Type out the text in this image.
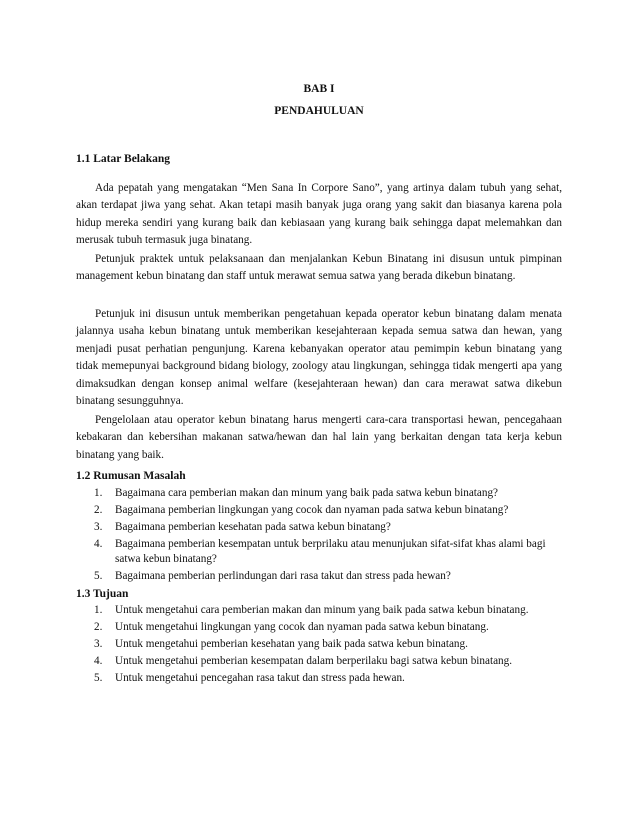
BAB I
PENDAHULUAN
1.1 Latar Belakang

Ada pepatah yang mengatakan “Men Sana In Corpore Sano”, yang artinya dalam tubuh yang sehat, akan terdapat jiwa yang sehat. Akan tetapi masih banyak juga orang yang sakit dan biasanya karena pola hidup mereka sendiri yang kurang baik dan kebiasaan yang kurang baik sehingga dapat melemahkan dan merusak tubuh termasuk juga binatang.

Petunjuk praktek untuk pelaksanaan dan menjalankan Kebun Binatang ini disusun untuk pimpinan management kebun binatang dan staff untuk merawat semua satwa yang berada dikebun binatang.

Petunjuk ini disusun untuk memberikan pengetahuan kepada operator kebun binatang dalam menata jalannya usaha kebun binatang untuk memberikan kesejahteraan kepada semua satwa dan hewan, yang menjadi pusat perhatian pengunjung. Karena kebanyakan operator atau pemimpin kebun binatang yang tidak memepunyai background bidang biology, zoology atau lingkungan, sehingga tidak mengerti apa yang dimaksudkan dengan konsep animal welfare (kesejahteraan hewan) dan cara merawat satwa dikebun binatang sesungguhnya.

Pengelolaan atau operator kebun binatang harus mengerti cara-cara transportasi hewan, pencegahaan kebakaran dan kebersihan makanan satwa/hewan dan hal lain yang berkaitan dengan tata kerja kebun binatang yang baik.

1.2 Rumusan Masalah
1.	Bagaimana cara pemberian makan dan minum yang baik pada satwa kebun binatang?
2.	Bagaimana pemberian lingkungan yang cocok dan nyaman pada satwa kebun binatang?
3.	Bagaimana pemberian kesehatan pada satwa kebun binatang?
4.	Bagaimana pemberian kesempatan untuk berprilaku atau menunjukan sifat-sifat khas alami bagi satwa kebun binatang?
5.	Bagaimana pemberian perlindungan dari rasa takut dan stress pada hewan?
1.3 Tujuan
1.	Untuk mengetahui cara pemberian makan dan minum yang baik pada satwa kebun binatang.
2.	Untuk mengetahui lingkungan yang cocok dan nyaman pada satwa kebun binatang.
3.	Untuk mengetahui pemberian kesehatan yang baik pada satwa kebun binatang.
4.	Untuk mengetahui pemberian kesempatan dalam berperilaku bagi satwa kebun binatang.
5.	Untuk mengetahui pencegahan rasa takut dan stress pada hewan.
